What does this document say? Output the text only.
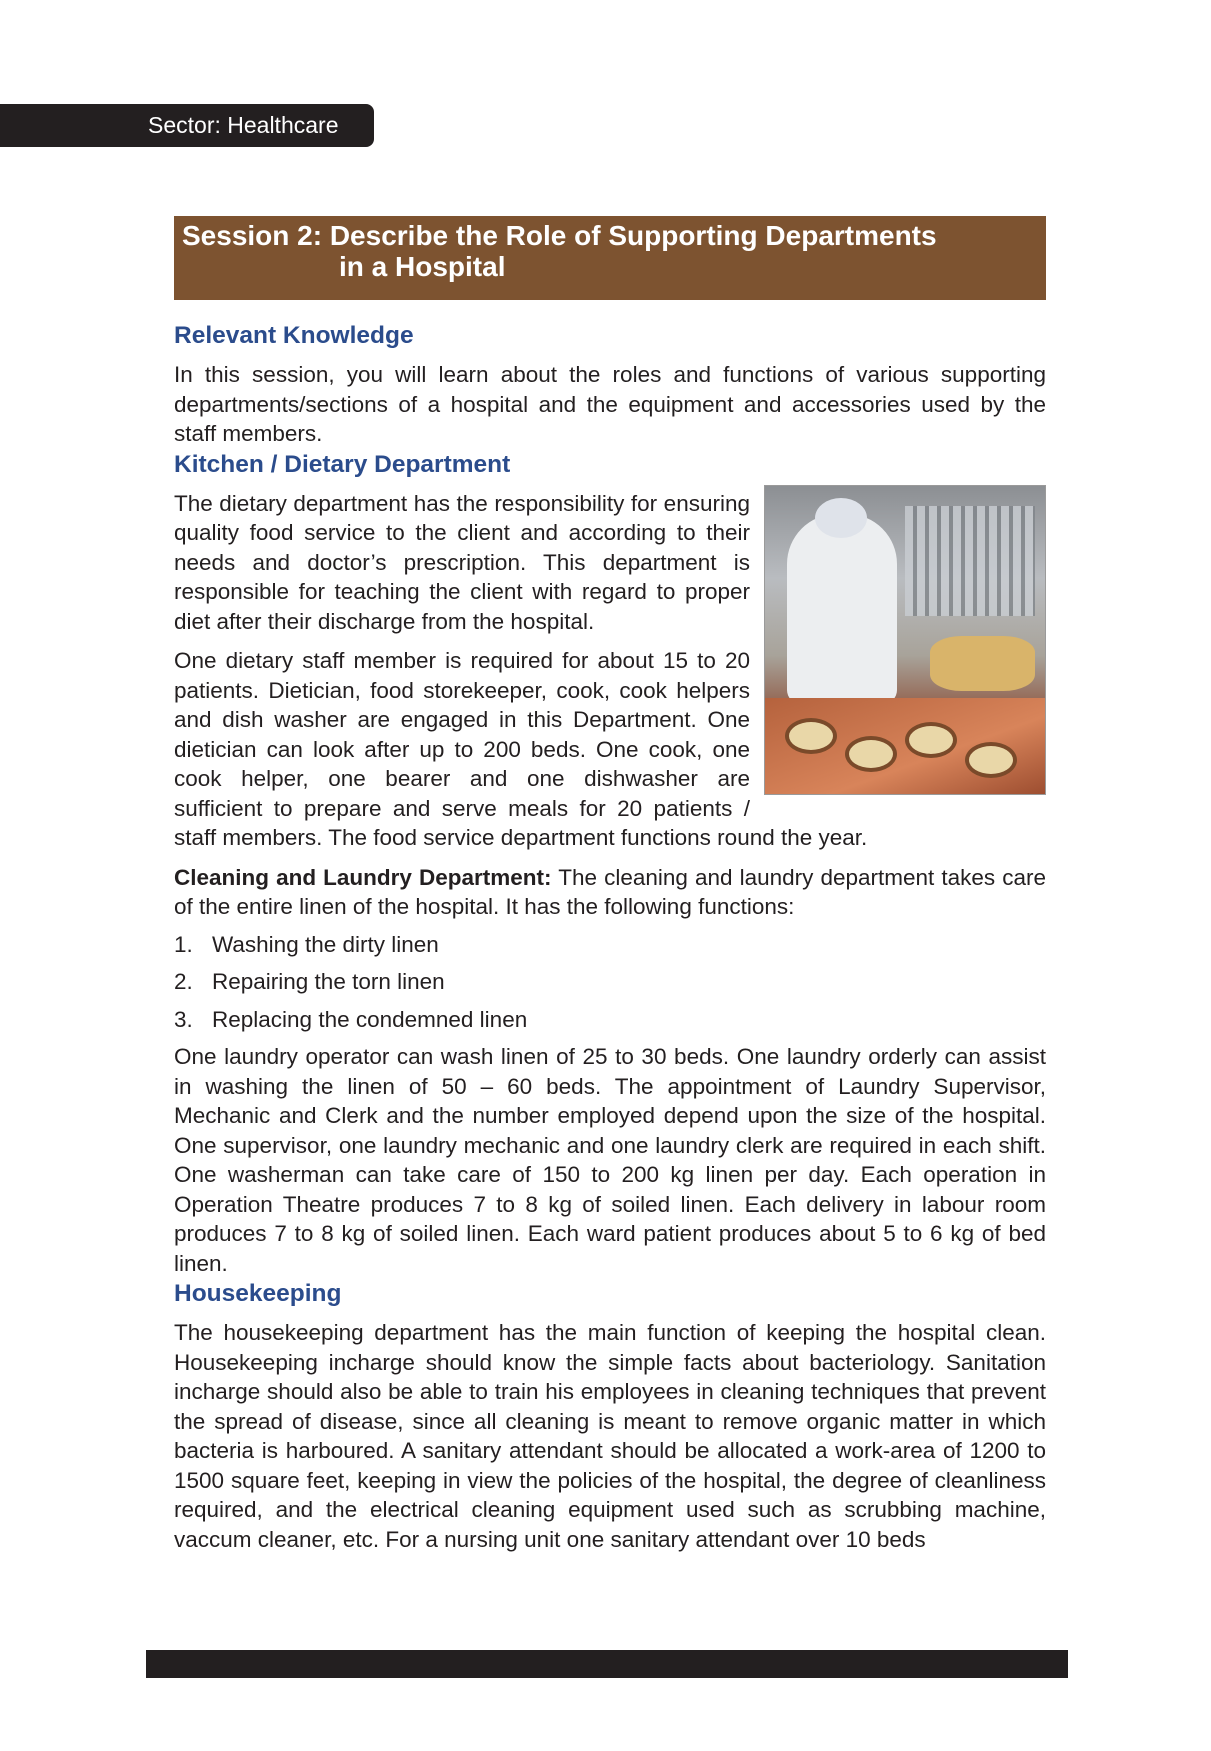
Sector: Healthcare
Session 2: Describe the Role of Supporting Departments
in a Hospital
Relevant Knowledge

In this session, you will learn about the roles and functions of various supporting departments/sections of a hospital and the equipment and accessories used by the staff members.

Kitchen / Dietary Department

The dietary department has the responsibility for ensuring quality food service to the client and according to their needs and doctor’s prescription. This department is responsible for teaching the client with regard to proper diet after their discharge from the hospital.

One dietary staff member is required for about 15 to 20 patients. Dietician, food storekeeper, cook, cook helpers and dish washer are engaged in this Department. One dietician can look after up to 200 beds. One cook, one cook helper, one bearer and one dishwasher are sufficient to prepare and serve meals for 20 patients / staff members. The food service department functions round the year.

Cleaning and Laundry Department: The cleaning and laundry department takes care of the entire linen of the hospital. It has the following functions:

1. Washing the dirty linen
2. Repairing the torn linen
3. Replacing the condemned linen

One laundry operator can wash linen of 25 to 30 beds. One laundry orderly can assist in washing the linen of 50 – 60 beds. The appointment of Laundry Supervisor, Mechanic and Clerk and the number employed depend upon the size of the hospital. One supervisor, one laundry mechanic and one laundry clerk are required in each shift. One washerman can take care of 150 to 200 kg linen per day. Each operation in Operation Theatre produces 7 to 8 kg of soiled linen. Each delivery in labour room produces 7 to 8 kg of soiled linen. Each ward patient produces about 5 to 6 kg of bed linen.

Housekeeping

The housekeeping department has the main function of keeping the hospital clean. Housekeeping incharge should know the simple facts about bacteriology. Sanitation incharge should also be able to train his employees in cleaning techniques that prevent the spread of disease, since all cleaning is meant to remove organic matter in which bacteria is harboured. A sanitary attendant should be allocated a work-area of 1200 to 1500 square feet, keeping in view the policies of the hospital, the degree of cleanliness required, and the electrical cleaning equipment used such as scrubbing machine, vaccum cleaner, etc. For a nursing unit one sanitary attendant over 10 beds
